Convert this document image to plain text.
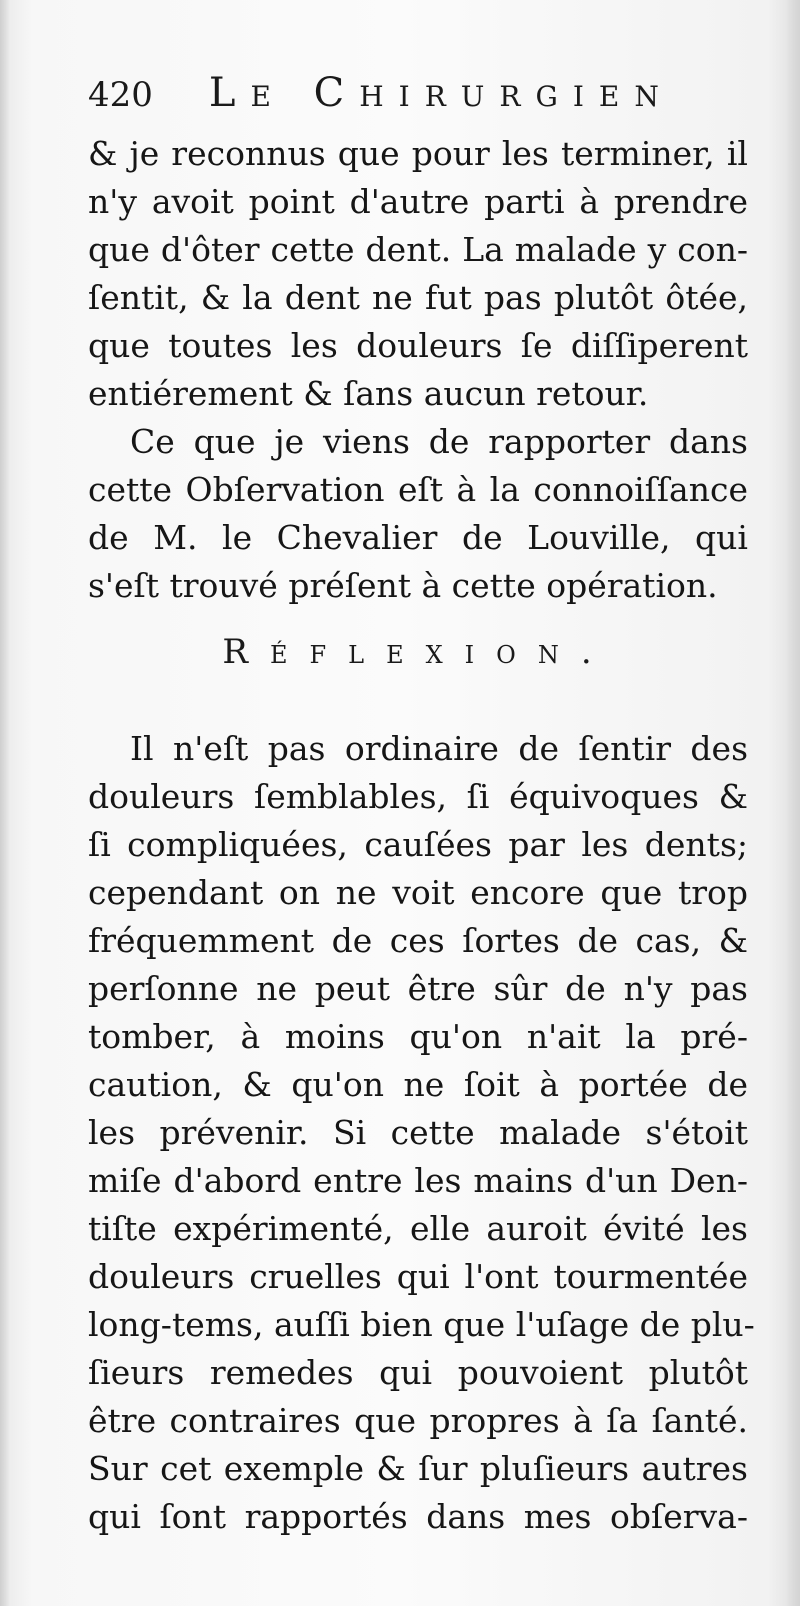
420 Le Chirurgien
& je reconnus que pour les terminer, il
n'y avoit point d'autre parti à prendre
que d'ôter cette dent. La malade y con-
ſentit, & la dent ne fut pas plutôt ôtée,
que toutes les douleurs ſe diſſiperent
entiérement & ſans aucun retour.
Ce que je viens de rapporter dans
cette Obſervation eſt à la connoiſſance
de M. le Chevalier de Louville, qui
s'eſt trouvé préſent à cette opération.
Réflexion.
Il n'eſt pas ordinaire de ſentir des
douleurs ſemblables, ſi équivoques &
ſi compliquées, cauſées par les dents;
cependant on ne voit encore que trop
fréquemment de ces ſortes de cas, &
perſonne ne peut être sûr de n'y pas
tomber, à moins qu'on n'ait la pré-
caution, & qu'on ne ſoit à portée de
les prévenir. Si cette malade s'étoit
miſe d'abord entre les mains d'un Den-
tiſte expérimenté, elle auroit évité les
douleurs cruelles qui l'ont tourmentée
long-tems, auſſi bien que l'uſage de plu-
ſieurs remedes qui pouvoient plutôt
être contraires que propres à ſa ſanté.
Sur cet exemple & ſur pluſieurs autres
qui ſont rapportés dans mes obſerva-
